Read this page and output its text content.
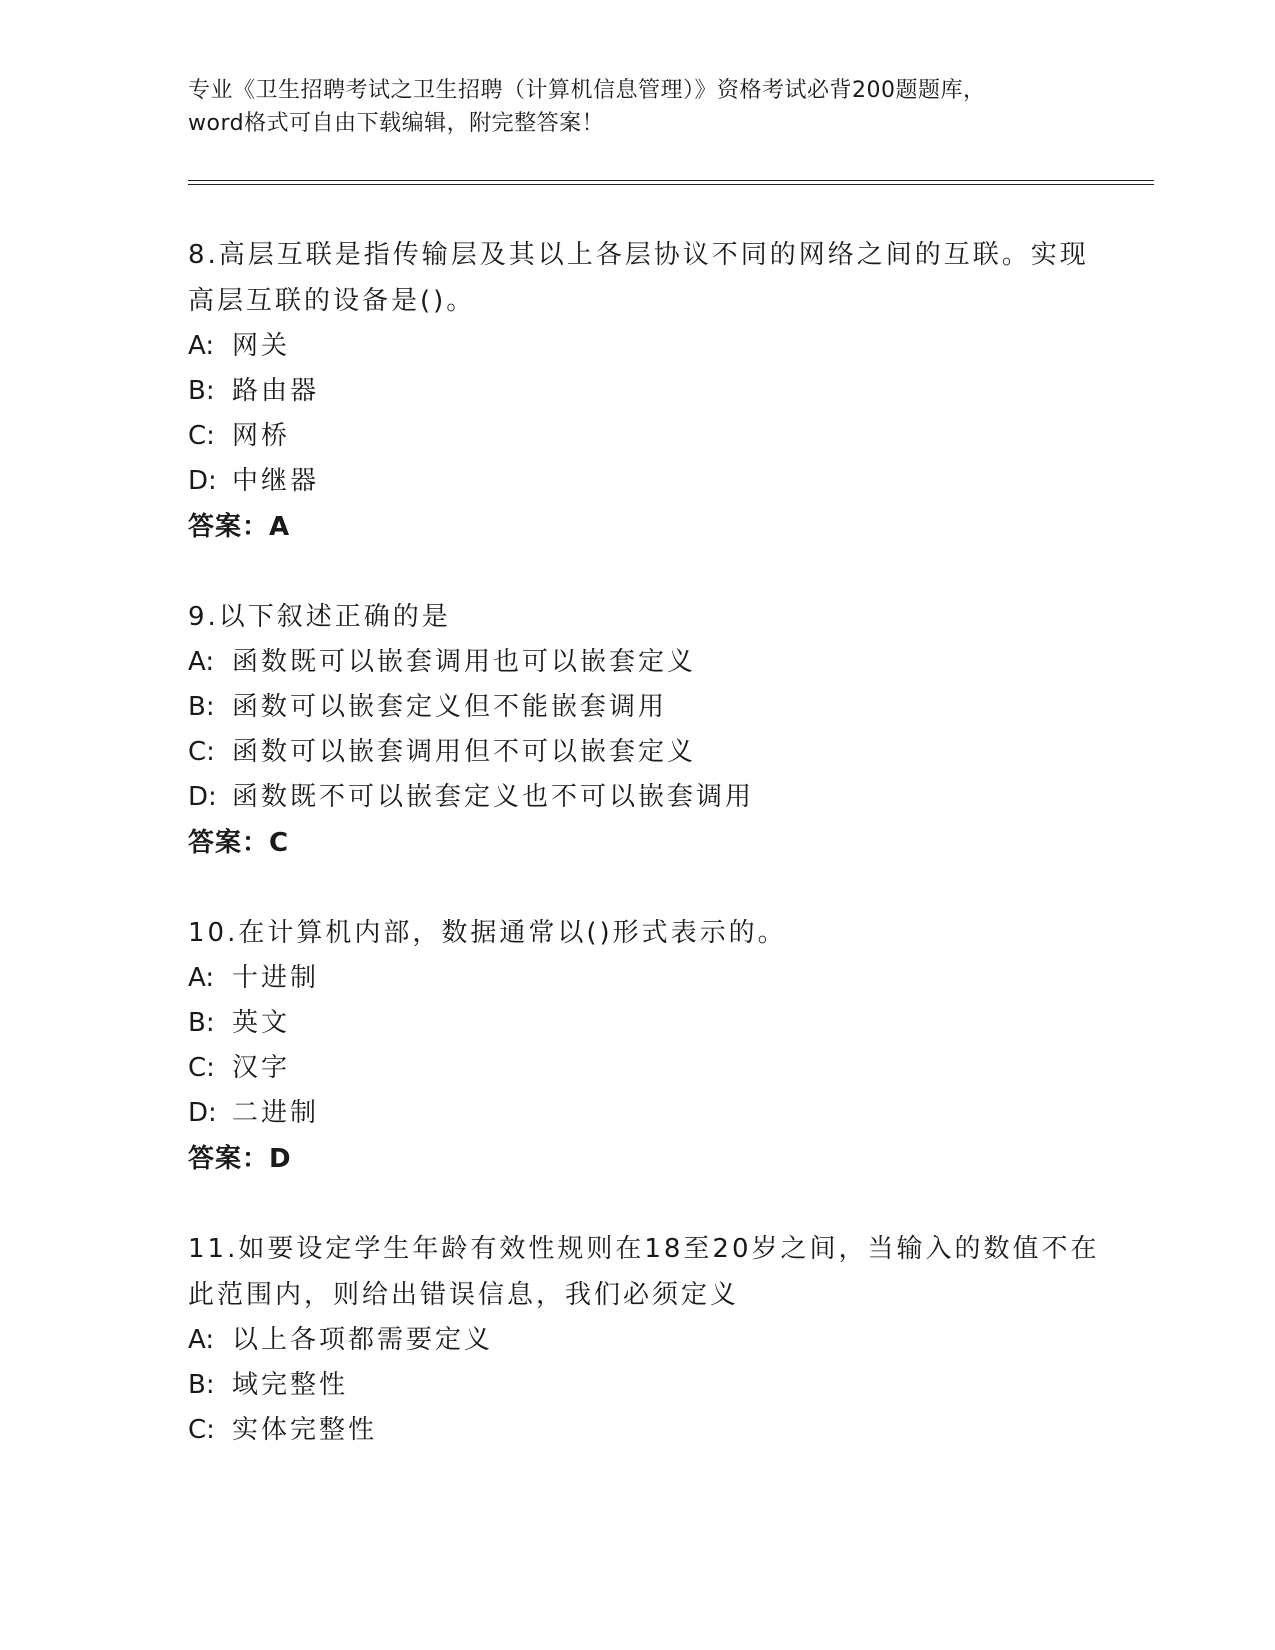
专业《卫生招聘考试之卫生招聘（计算机信息管理）》资格考试必背200题题库，
word格式可自由下载编辑，附完整答案！

8.高层互联是指传输层及其以上各层协议不同的网络之间的互联。实现高层互联的设备是()。

A: 网关

B: 路由器

C: 网桥

D: 中继器

答案：A

9.以下叙述正确的是

A: 函数既可以嵌套调用也可以嵌套定义

B: 函数可以嵌套定义但不能嵌套调用

C: 函数可以嵌套调用但不可以嵌套定义

D: 函数既不可以嵌套定义也不可以嵌套调用

答案：C

10.在计算机内部，数据通常以()形式表示的。

A: 十进制

B: 英文

C: 汉字

D: 二进制

答案：D

11.如要设定学生年龄有效性规则在18至20岁之间，当输入的数值不在此范围内，则给出错误信息，我们必须定义

A: 以上各项都需要定义

B: 域完整性

C: 实体完整性
